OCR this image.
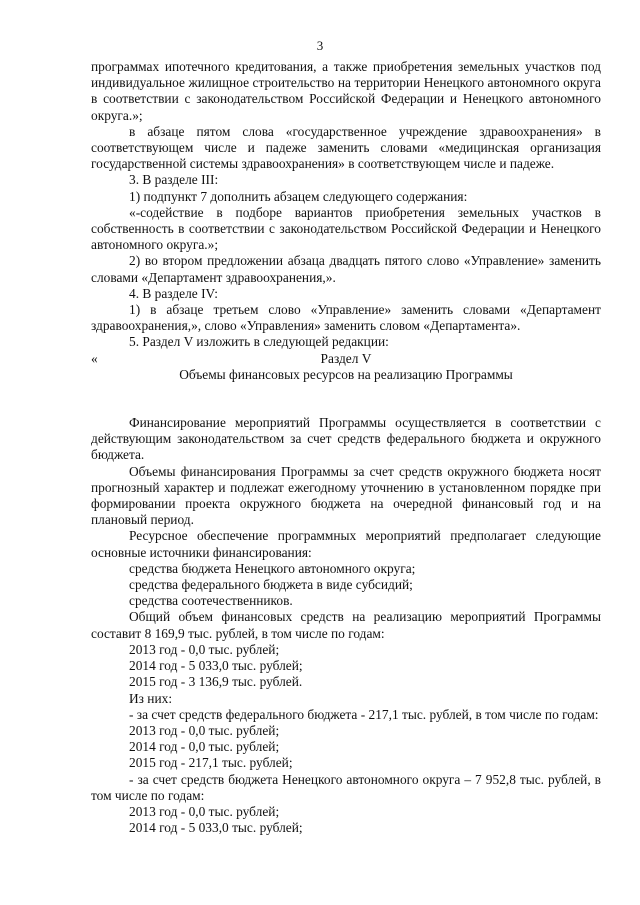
3

программах ипотечного кредитования, а также приобретения земельных участков под индивидуальное жилищное строительство на территории Ненецкого автономного округа в соответствии с законодательством Российской Федерации и Ненецкого автономного округа.»;

в абзаце пятом слова «государственное учреждение здравоохранения» в соответствующем числе и падеже заменить словами «медицинская организация государственной системы здравоохранения» в соответствующем числе и падеже.

3. В разделе III:

1) подпункт 7 дополнить абзацем следующего содержания:

«-содействие в подборе вариантов приобретения земельных участков в собственность в соответствии с законодательством Российской Федерации и Ненецкого автономного округа.»;

2) во втором предложении абзаца двадцать пятого слово «Управление» заменить словами «Департамент здравоохранения,».

4. В разделе IV:

1) в абзаце третьем слово «Управление» заменить словами «Департамент здравоохранения,», слово «Управления» заменить словом «Департамента».

5. Раздел V изложить в следующей редакции:

«	Раздел V

Объемы финансовых ресурсов на реализацию Программы

Финансирование мероприятий Программы осуществляется в соответствии с действующим законодательством за счет средств федерального бюджета и окружного бюджета.

Объемы финансирования Программы за счет средств окружного бюджета носят прогнозный характер и подлежат ежегодному уточнению в установленном порядке при формировании проекта окружного бюджета на очередной финансовый год и на плановый период.

Ресурсное обеспечение программных мероприятий предполагает следующие основные источники финансирования:

средства бюджета Ненецкого автономного округа;

средства федерального бюджета в виде субсидий;

средства соотечественников.

Общий объем финансовых средств на реализацию мероприятий Программы составит 8 169,9 тыс. рублей, в том числе по годам:

2013 год - 0,0 тыс. рублей;

2014 год - 5 033,0 тыс. рублей;

2015 год - 3 136,9 тыс. рублей.

Из них:

- за счет средств федерального бюджета - 217,1 тыс. рублей, в том числе по годам:

2013 год - 0,0 тыс. рублей;

2014 год - 0,0 тыс. рублей;

2015 год - 217,1 тыс. рублей;

- за счет средств бюджета Ненецкого автономного округа – 7 952,8 тыс. рублей, в том числе по годам:

2013 год - 0,0 тыс. рублей;

2014 год - 5 033,0 тыс. рублей;
